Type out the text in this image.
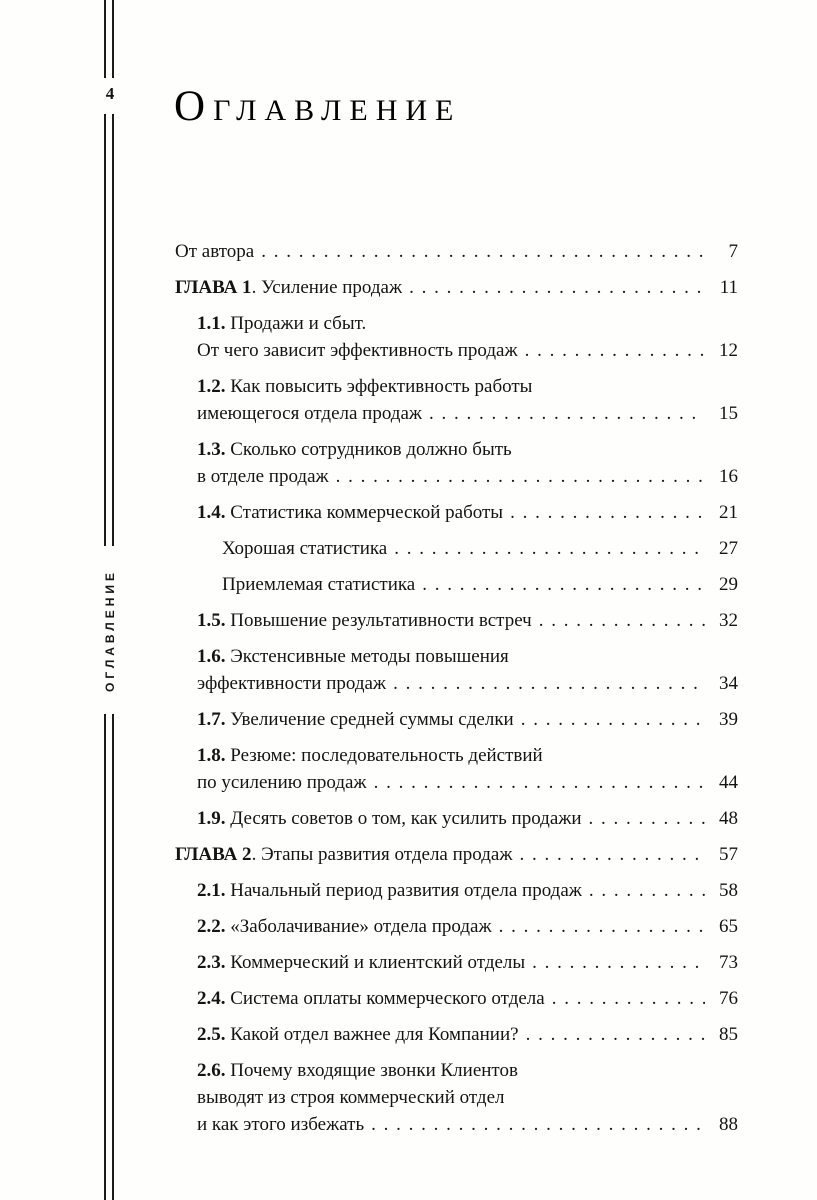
4
ОГЛАВЛЕНИЕ
ОГЛАВЛЕНИЕ
От автора . . .	7
ГЛАВА 1. Усиление продаж . . .	11
1.1. Продажи и сбыт.
От чего зависит эффективность продаж . . .	12
1.2. Как повысить эффективность работы
имеющегося отдела продаж . . .	15
1.3. Сколько сотрудников должно быть
в отделе продаж . . .	16
1.4. Статистика коммерческой работы . . .	21
Хорошая статистика . . .	27
Приемлемая статистика . . .	29
1.5. Повышение результативности встреч . . .	32
1.6. Экстенсивные методы повышения
эффективности продаж . . .	34
1.7. Увеличение средней суммы сделки . . .	39
1.8. Резюме: последовательность действий
по усилению продаж . . .	44
1.9. Десять советов о том, как усилить продажи . . .	48
ГЛАВА 2. Этапы развития отдела продаж . . .	57
2.1. Начальный период развития отдела продаж . . .	58
2.2. «Заболачивание» отдела продаж . . .	65
2.3. Коммерческий и клиентский отделы . . .	73
2.4. Система оплаты коммерческого отдела . . .	76
2.5. Какой отдел важнее для Компании? . . .	85
2.6. Почему входящие звонки Клиентов
выводят из строя коммерческий отдел
и как этого избежать . . .	88
